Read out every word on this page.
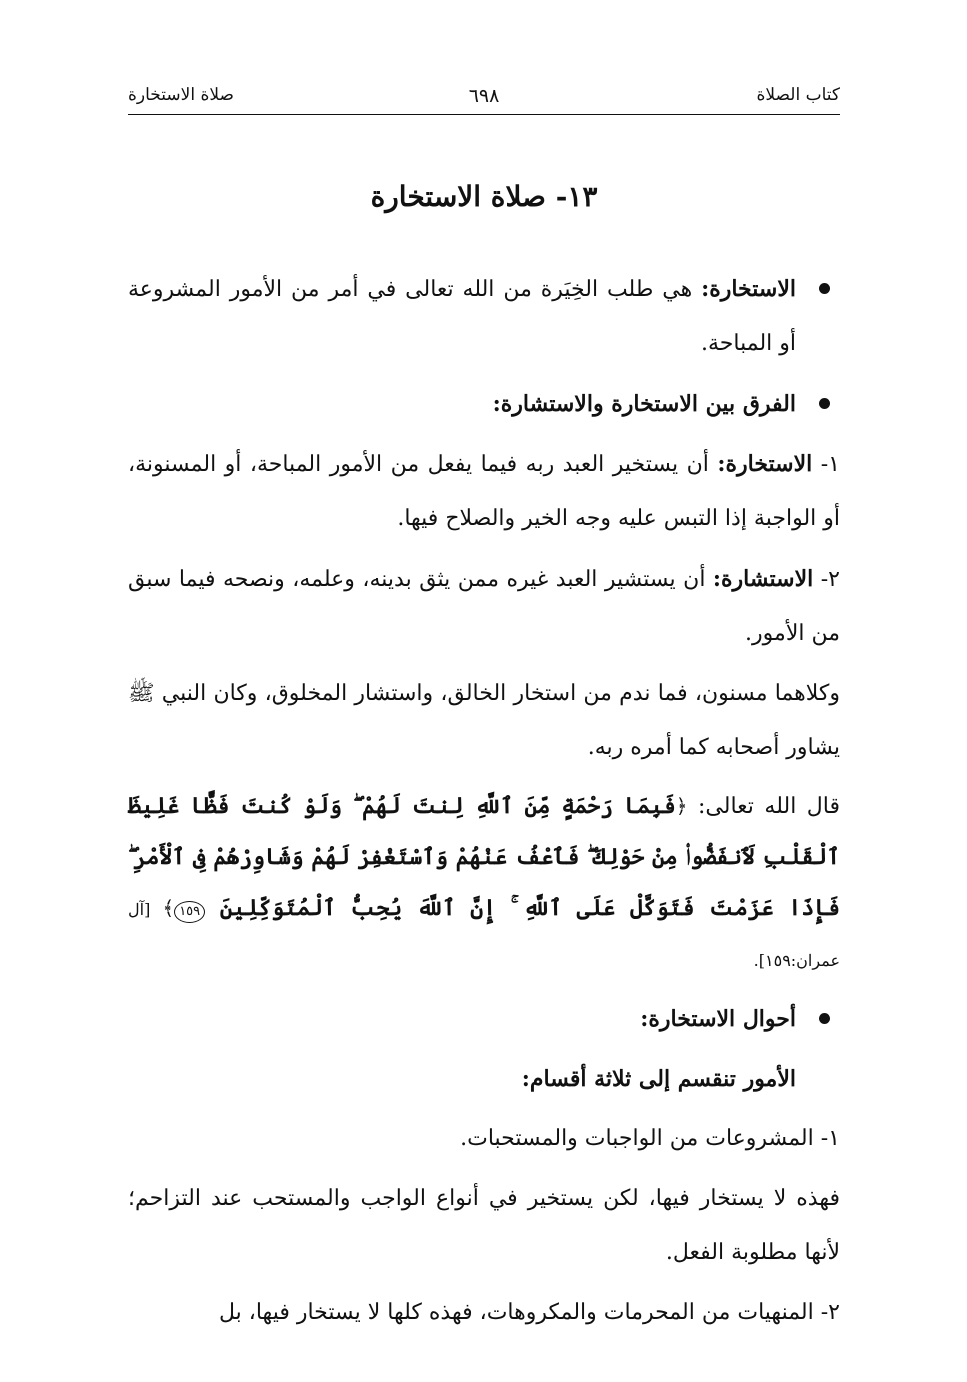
كتاب الصلاة
٦٩٨
صلاة الاستخارة
١٣- صلاة الاستخارة

الاستخارة: هي طلب الخِيَرة من الله تعالى في أمر من الأمور المشروعة أو المباحة.

الفرق بين الاستخارة والاستشارة:

١- الاستخارة: أن يستخير العبد ربه فيما يفعل من الأمور المباحة، أو المسنونة، أو الواجبة إذا التبس عليه وجه الخير والصلاح فيها.

٢- الاستشارة: أن يستشير العبد غيره ممن يثق بدينه، وعلمه، ونصحه فيما سبق من الأمور.

وكلاهما مسنون، فما ندم من استخار الخالق، واستشار المخلوق، وكان النبي ﷺ يشاور أصحابه كما أمره ربه.

قال الله تعالى: ﴿فَبِمَا رَحْمَةٍ مِّنَ ٱللَّهِ لِنتَ لَهُمْ ۖ وَلَوْ كُنتَ فَظًّا غَلِيظَ ٱلْقَلْبِ لَٱنفَضُّوا۟ مِنْ حَوْلِكَ ۖ فَٱعْفُ عَنْهُمْ وَٱسْتَغْفِرْ لَهُمْ وَشَاوِرْهُمْ فِى ٱلْأَمْرِ ۖ فَإِذَا عَزَمْتَ فَتَوَكَّلْ عَلَى ٱللَّهِ ۚ إِنَّ ٱللَّهَ يُحِبُّ ٱلْمُتَوَكِّلِينَ ١٥٩﴾ [آل عمران:١٥٩].

أحوال الاستخارة:

الأمور تنقسم إلى ثلاثة أقسام:

١- المشروعات من الواجبات والمستحبات.

فهذه لا يستخار فيها، لكن يستخير في أنواع الواجب والمستحب عند التزاحم؛ لأنها مطلوبة الفعل.

٢- المنهيات من المحرمات والمكروهات، فهذه كلها لا يستخار فيها، بل
